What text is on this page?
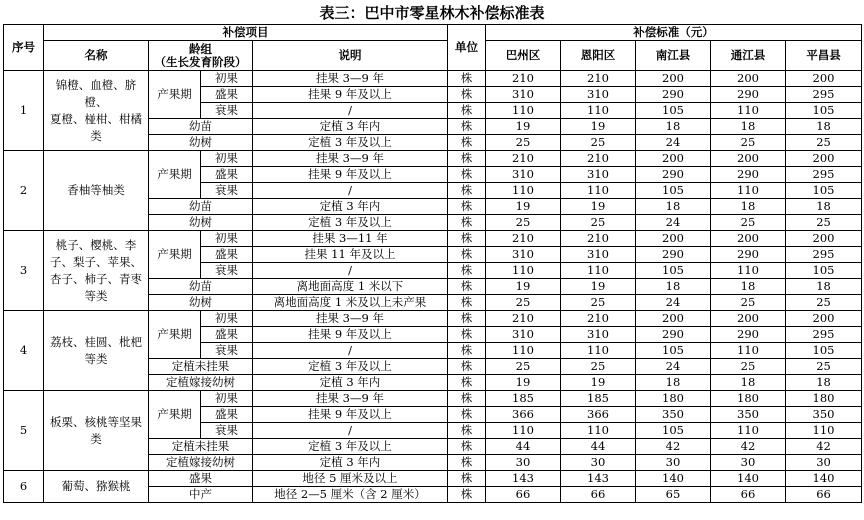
表三：巴中市零星林木补偿标准表
序号	补偿项目				单位	补偿标准（元）				
	名称	龄组
（生长发育阶段）		说明		巴州区	恩阳区	南江县	通江县	平昌县
1	锦橙、血橙、脐橙、
夏橙、椪柑、柑橘类	产果期	初果	挂果 3—9 年	株	210	210	200	200	200
			盛果	挂果 9 年及以上	株	310	310	290	290	295
			衰果	/	株	110	110	105	110	105
		幼苗		定植 3 年内	株	19	19	18	18	18
		幼树		定植 3 年及以上	株	25	25	24	25	25
2	香柚等柚类	产果期	初果	挂果 3—9 年	株	210	210	200	200	200
			盛果	挂果 9 年及以上	株	310	310	290	290	295
			衰果	/	株	110	110	105	110	105
		幼苗		定植 3 年内	株	19	19	18	18	18
		幼树		定植 3 年及以上	株	25	25	24	25	25
3	桃子、樱桃、李子、梨子、苹果、杏子、柿子、青枣等类	产果期	初果	挂果 3—11 年	株	210	210	200	200	200
			盛果	挂果 11 年及以上	株	310	310	290	290	295
			衰果	/	株	110	110	105	110	105
		幼苗		离地面高度 1 米以下	株	19	19	18	18	18
		幼树		离地面高度 1 米及以上未产果	株	25	25	24	25	25
4	荔枝、桂圆、枇杷等类	产果期	初果	挂果 3—9 年	株	210	210	200	200	200
			盛果	挂果 9 年及以上	株	310	310	290	290	295
			衰果	/	株	110	110	105	110	105
		定植未挂果		定植 3 年及以上	株	25	25	24	25	25
		定植嫁接幼树		定植 3 年内	株	19	19	18	18	18
5	板栗、核桃等坚果类	产果期	初果	挂果 3—9 年	株	185	185	180	180	180
			盛果	挂果 9 年及以上	株	366	366	350	350	350
			衰果	/	株	110	110	105	110	110
		定植未挂果		定植 3 年及以上	株	44	44	42	42	42
		定植嫁接幼树		定植 3 年内	株	30	30	30	30	30
6	葡萄、猕猴桃	盛果		地径 5 厘米及以上	株	143	143	140	140	140
		中产		地径 2—5 厘米（含 2 厘米）	株	66	66	65	66	66
